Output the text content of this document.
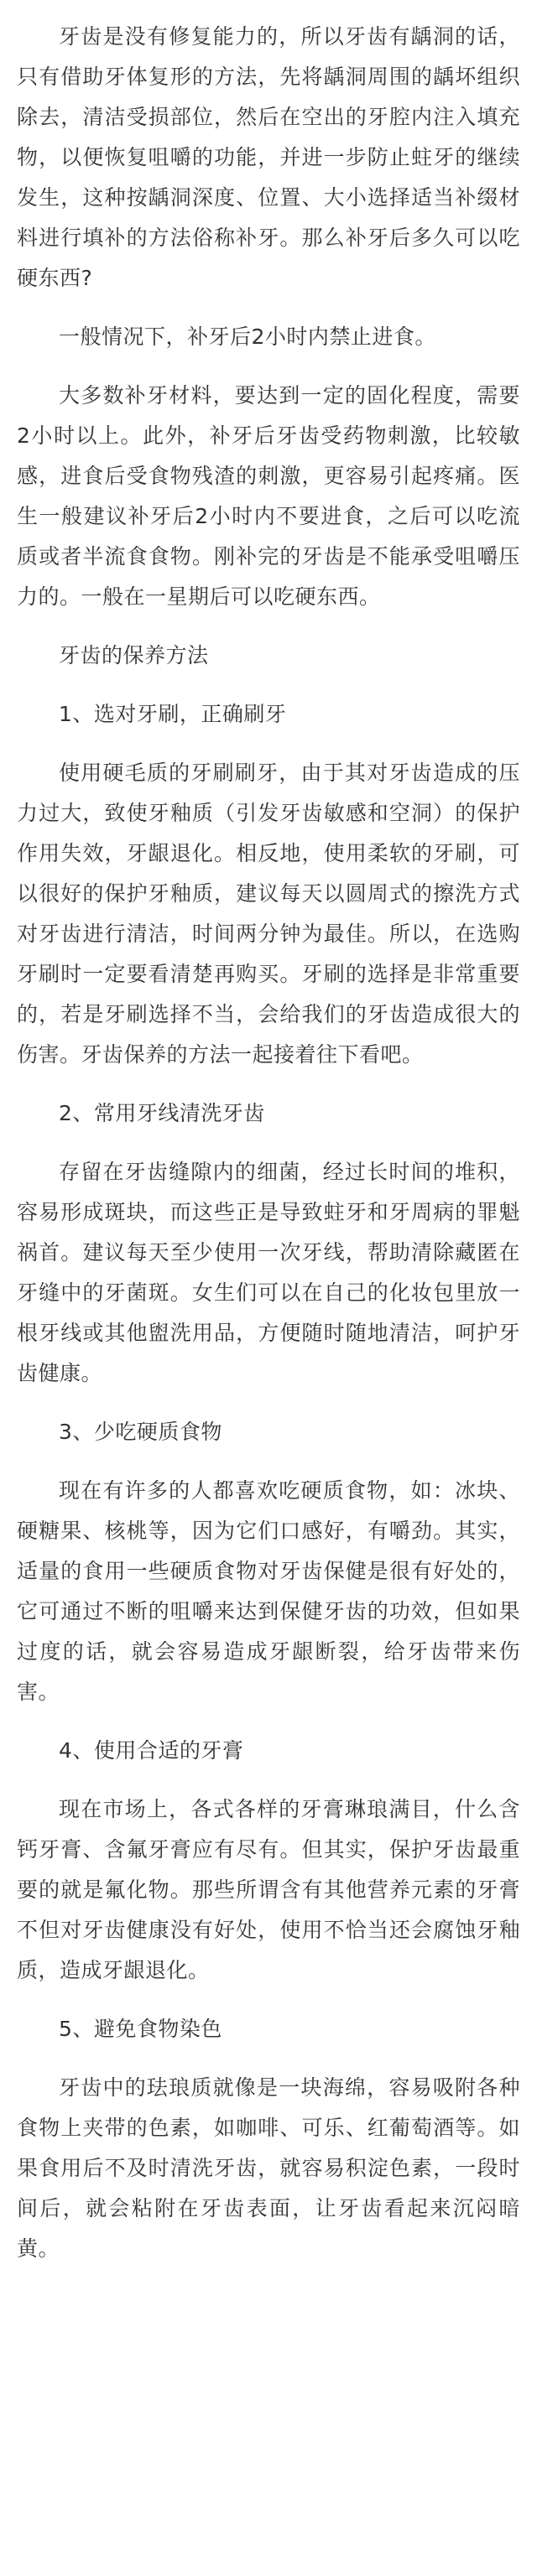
牙齿是没有修复能力的，所以牙齿有龋洞的话，只有借助牙体复形的方法，先将龋洞周围的龋坏组织除去，清洁受损部位，然后在空出的牙腔内注入填充物，以便恢复咀嚼的功能，并进一步防止蛀牙的继续发生，这种按龋洞深度、位置、大小选择适当补缀材料进行填补的方法俗称补牙。那么补牙后多久可以吃硬东西?

一般情况下，补牙后2小时内禁止进食。

大多数补牙材料，要达到一定的固化程度，需要2小时以上。此外，补牙后牙齿受药物刺激，比较敏感，进食后受食物残渣的刺激，更容易引起疼痛。医生一般建议补牙后2小时内不要进食，之后可以吃流质或者半流食食物。刚补完的牙齿是不能承受咀嚼压力的。一般在一星期后可以吃硬东西。

牙齿的保养方法

1、选对牙刷，正确刷牙

使用硬毛质的牙刷刷牙，由于其对牙齿造成的压力过大，致使牙釉质（引发牙齿敏感和空洞）的保护作用失效，牙龈退化。相反地，使用柔软的牙刷，可以很好的保护牙釉质，建议每天以圆周式的擦洗方式对牙齿进行清洁，时间两分钟为最佳。所以，在选购牙刷时一定要看清楚再购买。牙刷的选择是非常重要的，若是牙刷选择不当，会给我们的牙齿造成很大的伤害。牙齿保养的方法一起接着往下看吧。

2、常用牙线清洗牙齿

存留在牙齿缝隙内的细菌，经过长时间的堆积，容易形成斑块，而这些正是导致蛀牙和牙周病的罪魁祸首。建议每天至少使用一次牙线，帮助清除藏匿在牙缝中的牙菌斑。女生们可以在自己的化妆包里放一根牙线或其他盥洗用品，方便随时随地清洁，呵护牙齿健康。

3、少吃硬质食物

现在有许多的人都喜欢吃硬质食物，如：冰块、硬糖果、核桃等，因为它们口感好，有嚼劲。其实，适量的食用一些硬质食物对牙齿保健是很有好处的，它可通过不断的咀嚼来达到保健牙齿的功效，但如果过度的话，就会容易造成牙龈断裂，给牙齿带来伤害。

4、使用合适的牙膏

现在市场上，各式各样的牙膏琳琅满目，什么含钙牙膏、含氟牙膏应有尽有。但其实，保护牙齿最重要的就是氟化物。那些所谓含有其他营养元素的牙膏不但对牙齿健康没有好处，使用不恰当还会腐蚀牙釉质，造成牙龈退化。

5、避免食物染色

牙齿中的珐琅质就像是一块海绵，容易吸附各种食物上夹带的色素，如咖啡、可乐、红葡萄酒等。如果食用后不及时清洗牙齿，就容易积淀色素，一段时间后，就会粘附在牙齿表面，让牙齿看起来沉闷暗黄。
